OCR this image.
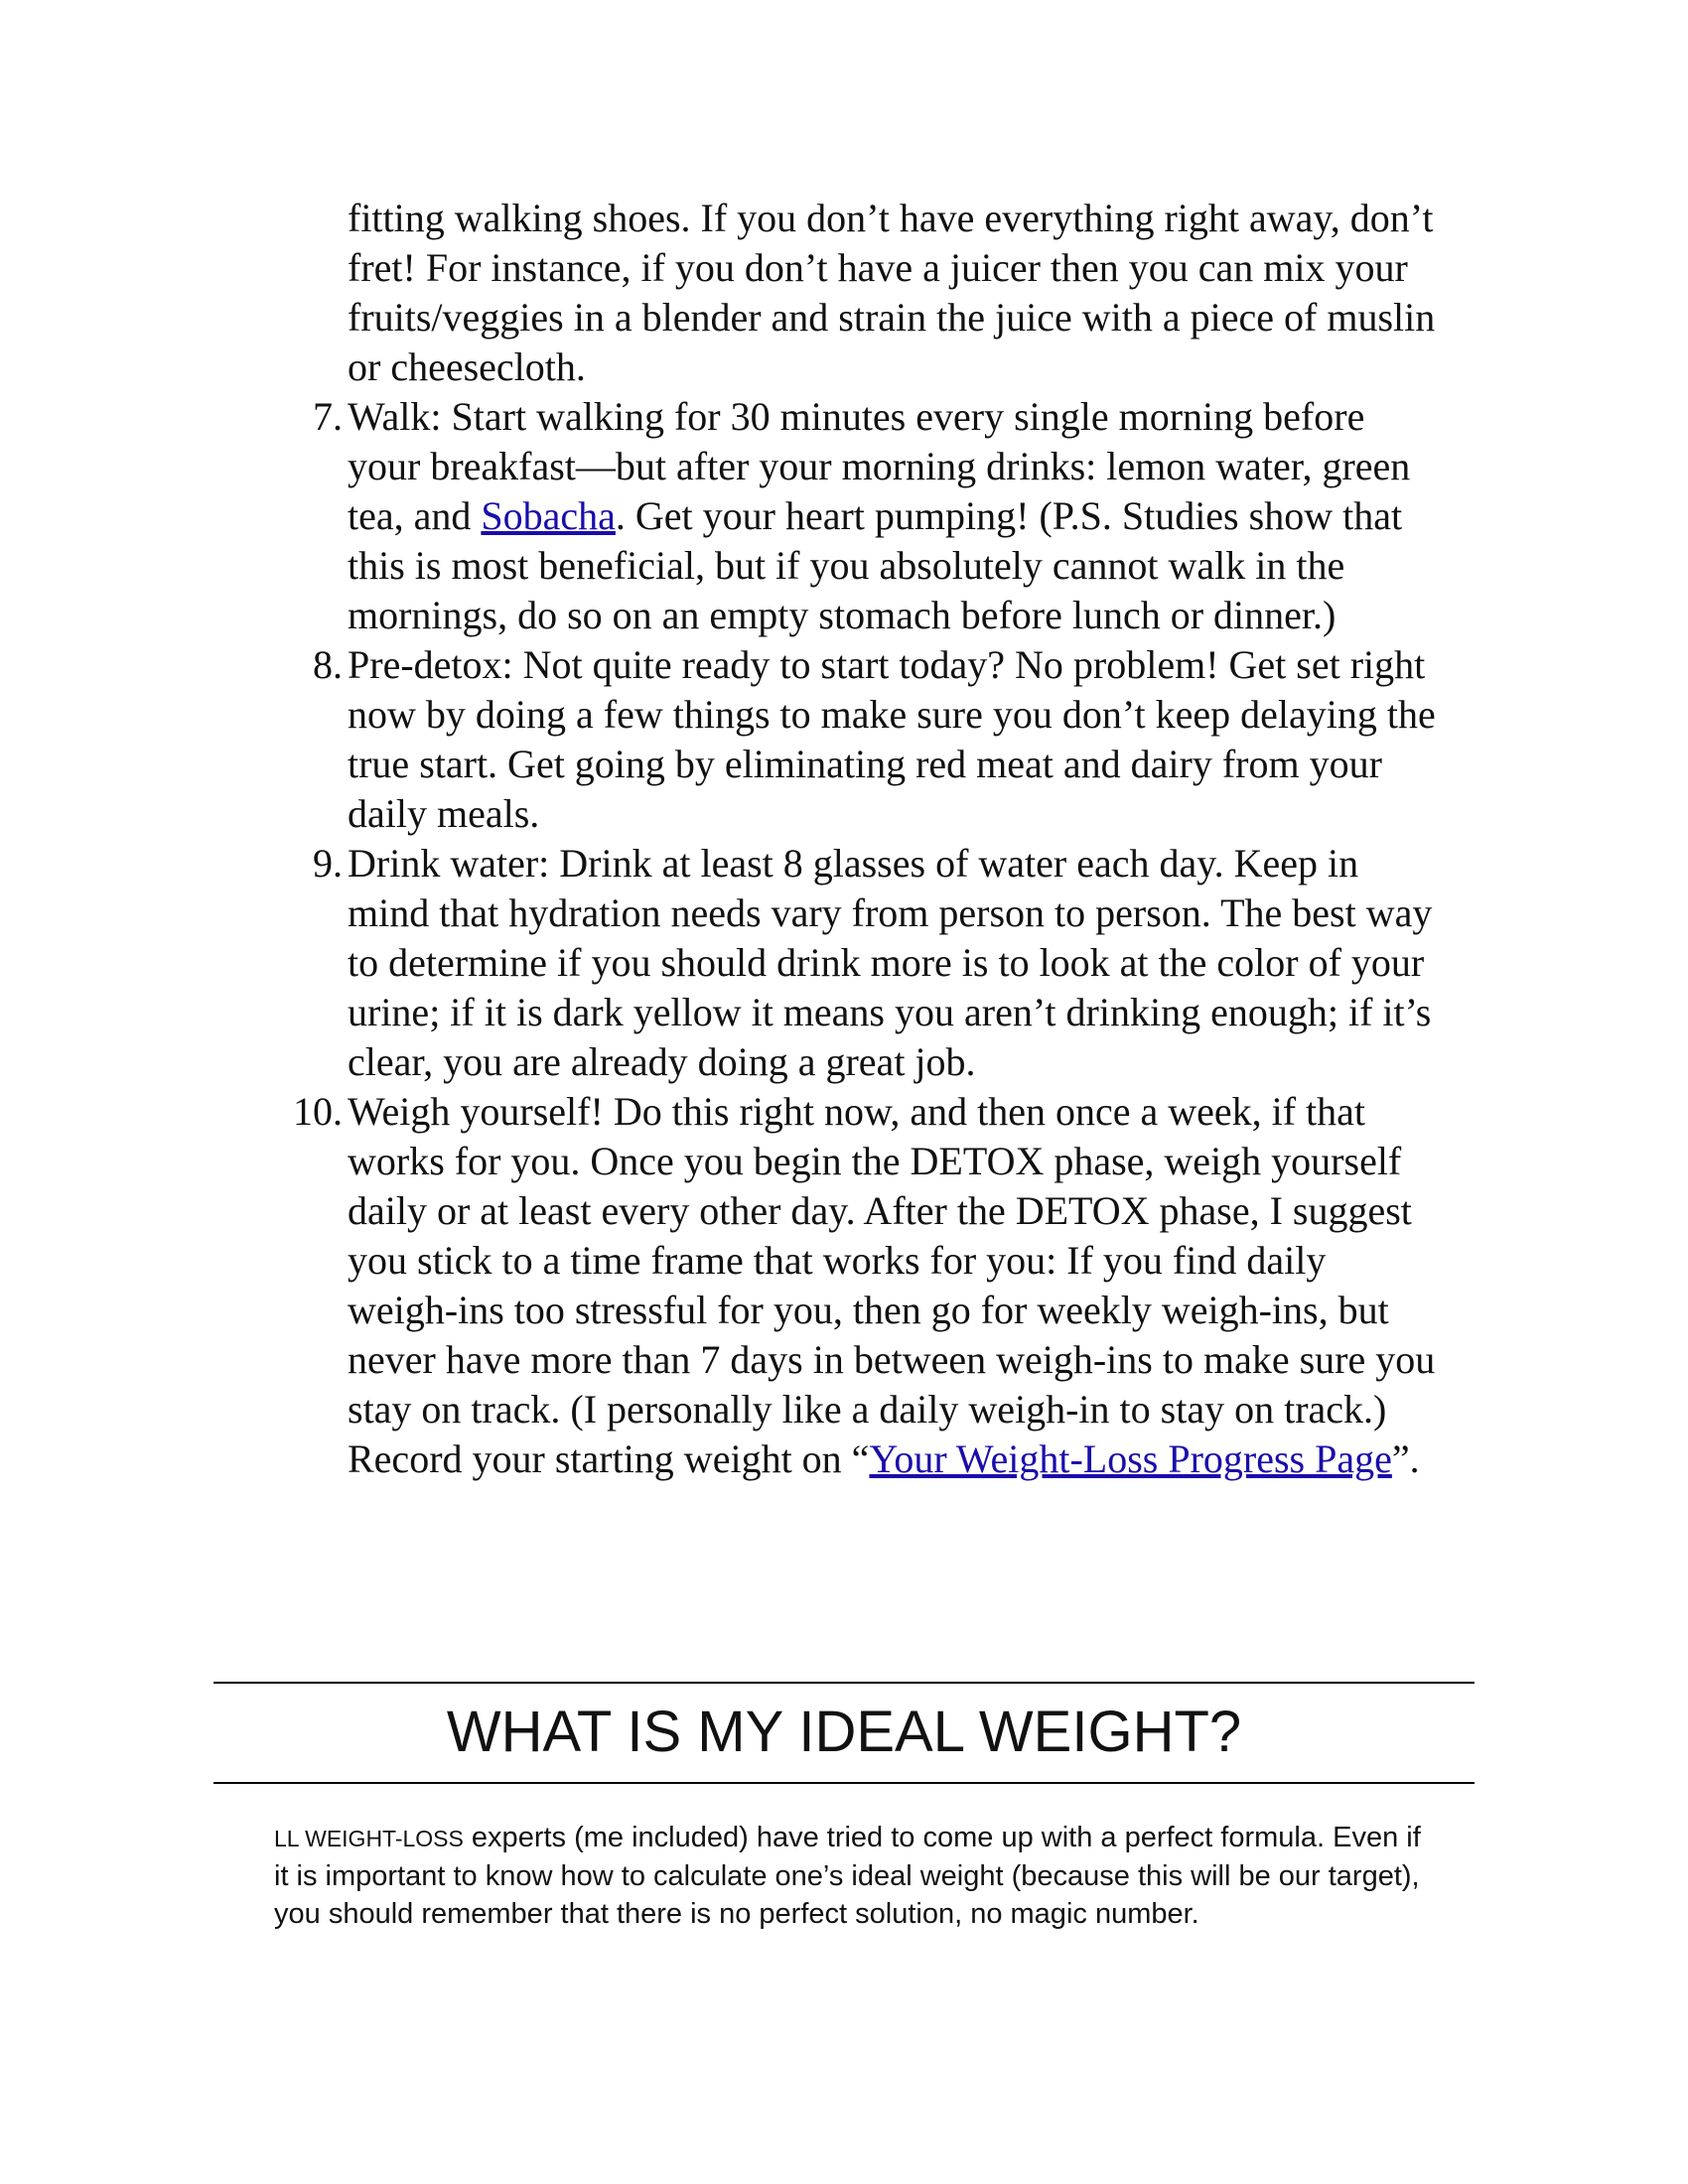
fitting walking shoes. If you don’t have everything right away, don’t fret! For instance, if you don’t have a juicer then you can mix your fruits/veggies in a blender and strain the juice with a piece of muslin or cheesecloth.

7. Walk: Start walking for 30 minutes every single morning before your breakfast—but after your morning drinks: lemon water, green tea, and Sobacha. Get your heart pumping! (P.S. Studies show that this is most beneficial, but if you absolutely cannot walk in the mornings, do so on an empty stomach before lunch or dinner.)

8. Pre-detox: Not quite ready to start today? No problem! Get set right now by doing a few things to make sure you don’t keep delaying the true start. Get going by eliminating red meat and dairy from your daily meals.

9. Drink water: Drink at least 8 glasses of water each day. Keep in mind that hydration needs vary from person to person. The best way to determine if you should drink more is to look at the color of your urine; if it is dark yellow it means you aren’t drinking enough; if it’s clear, you are already doing a great job.

10. Weigh yourself! Do this right now, and then once a week, if that works for you. Once you begin the DETOX phase, weigh yourself daily or at least every other day. After the DETOX phase, I suggest you stick to a time frame that works for you: If you find daily weigh-ins too stressful for you, then go for weekly weigh-ins, but never have more than 7 days in between weigh-ins to make sure you stay on track. (I personally like a daily weigh-in to stay on track.) Record your starting weight on “Your Weight-Loss Progress Page”.

WHAT IS MY IDEAL WEIGHT?

LL WEIGHT-LOSS experts (me included) have tried to come up with a perfect formula. Even if it is important to know how to calculate one’s ideal weight (because this will be our target), you should remember that there is no perfect solution, no magic number.
